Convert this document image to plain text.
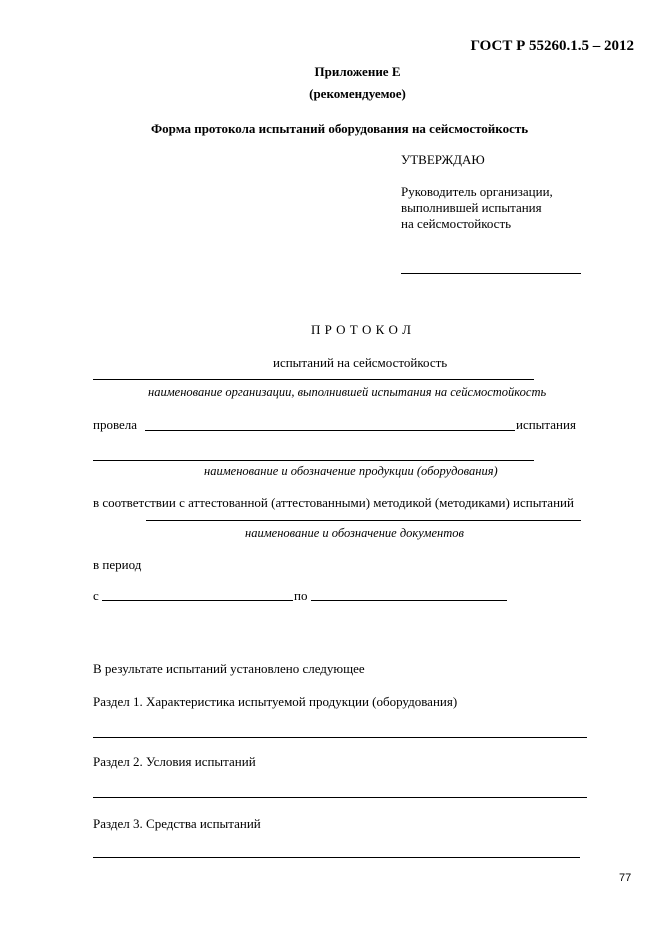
ГОСТ Р 55260.1.5 – 2012
Приложение Е
(рекомендуемое)
Форма протокола испытаний оборудования на сейсмостойкость
УТВЕРЖДАЮ
Руководитель организации,
выполнившей испытания
на сейсмостойкость
П Р О Т О К О Л
испытаний на сейсмостойкость
наименование организации, выполнившей испытания на сейсмостойкость
провела	испытания
наименование и обозначение продукции (оборудования)
в соответствии с аттестованной (аттестованными) методикой (методиками) испытаний
наименование и обозначение документов
в период
с	по
В результате испытаний установлено следующее
Раздел 1. Характеристика испытуемой продукции (оборудования)
Раздел 2. Условия испытаний
Раздел 3. Средства испытаний
77
